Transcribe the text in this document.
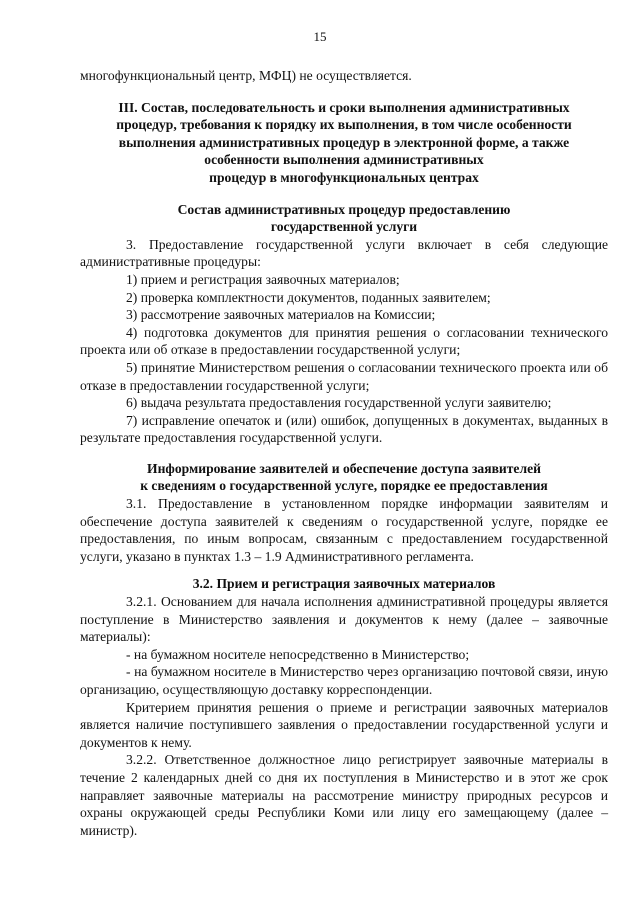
15

многофункциональный центр, МФЦ) не осуществляется.

III. Состав, последовательность и сроки выполнения административных

процедур, требования к порядку их выполнения, в том числе особенности

выполнения административных процедур в электронной форме, а также

особенности выполнения административных

процедур в многофункциональных центрах

Состав административных процедур предоставлению

государственной услуги

3. Предоставление государственной услуги включает в себя следующие административные процедуры:

1) прием и регистрация заявочных материалов;

2) проверка комплектности документов, поданных заявителем;

3) рассмотрение заявочных материалов на Комиссии;

4) подготовка документов для принятия решения о согласовании технического проекта или об отказе в предоставлении государственной услуги;

5) принятие Министерством решения о согласовании технического проекта или об отказе в предоставлении государственной услуги;

6) выдача результата предоставления государственной услуги заявителю;

7) исправление опечаток и (или) ошибок, допущенных в документах, выданных в результате предоставления государственной услуги.

Информирование заявителей и обеспечение доступа заявителей

к сведениям о государственной услуге, порядке ее предоставления

3.1. Предоставление в установленном порядке информации заявителям и обеспечение доступа заявителей к сведениям о государственной услуге, порядке ее предоставления, по иным вопросам, связанным с предоставлением государственной услуги, указано в пунктах 1.3 – 1.9 Административного регламента.

3.2. Прием и регистрация заявочных материалов

3.2.1. Основанием для начала исполнения административной процедуры является поступление в Министерство заявления и документов к нему (далее – заявочные материалы):

- на бумажном носителе непосредственно в Министерство;

- на бумажном носителе в Министерство через организацию почтовой связи, иную организацию, осуществляющую доставку корреспонденции.

Критерием принятия решения о приеме и регистрации заявочных материалов является наличие поступившего заявления о предоставлении государственной услуги и документов к нему.

3.2.2. Ответственное должностное лицо регистрирует заявочные материалы в течение 2 календарных дней со дня их поступления в Министерство и в этот же срок направляет заявочные материалы на рассмотрение министру природных ресурсов и охраны окружающей среды Республики Коми или лицу его замещающему (далее – министр).
